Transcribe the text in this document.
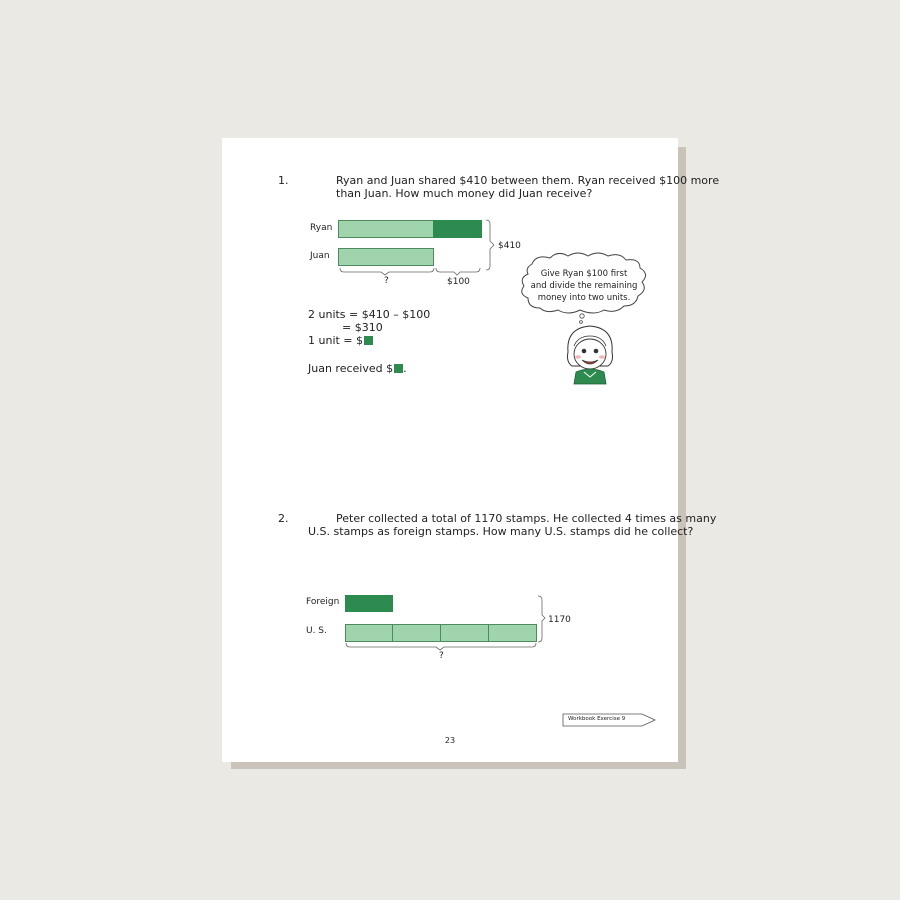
1.	Ryan and Juan shared $410 between them. Ryan received $100 more
than Juan. How much money did Juan receive?
Ryan
Juan
$410
?	$100
2 units = $410 – $100
= $310
1 unit = $
Juan received $ .
Give Ryan $100 first
and divide the remaining
money into two units.
2.	Peter collected a total of 1170 stamps. He collected 4 times as many
U.S. stamps as foreign stamps. How many U.S. stamps did he collect?
Foreign
U. S.
1170
?
Workbook Exercise 9
23
